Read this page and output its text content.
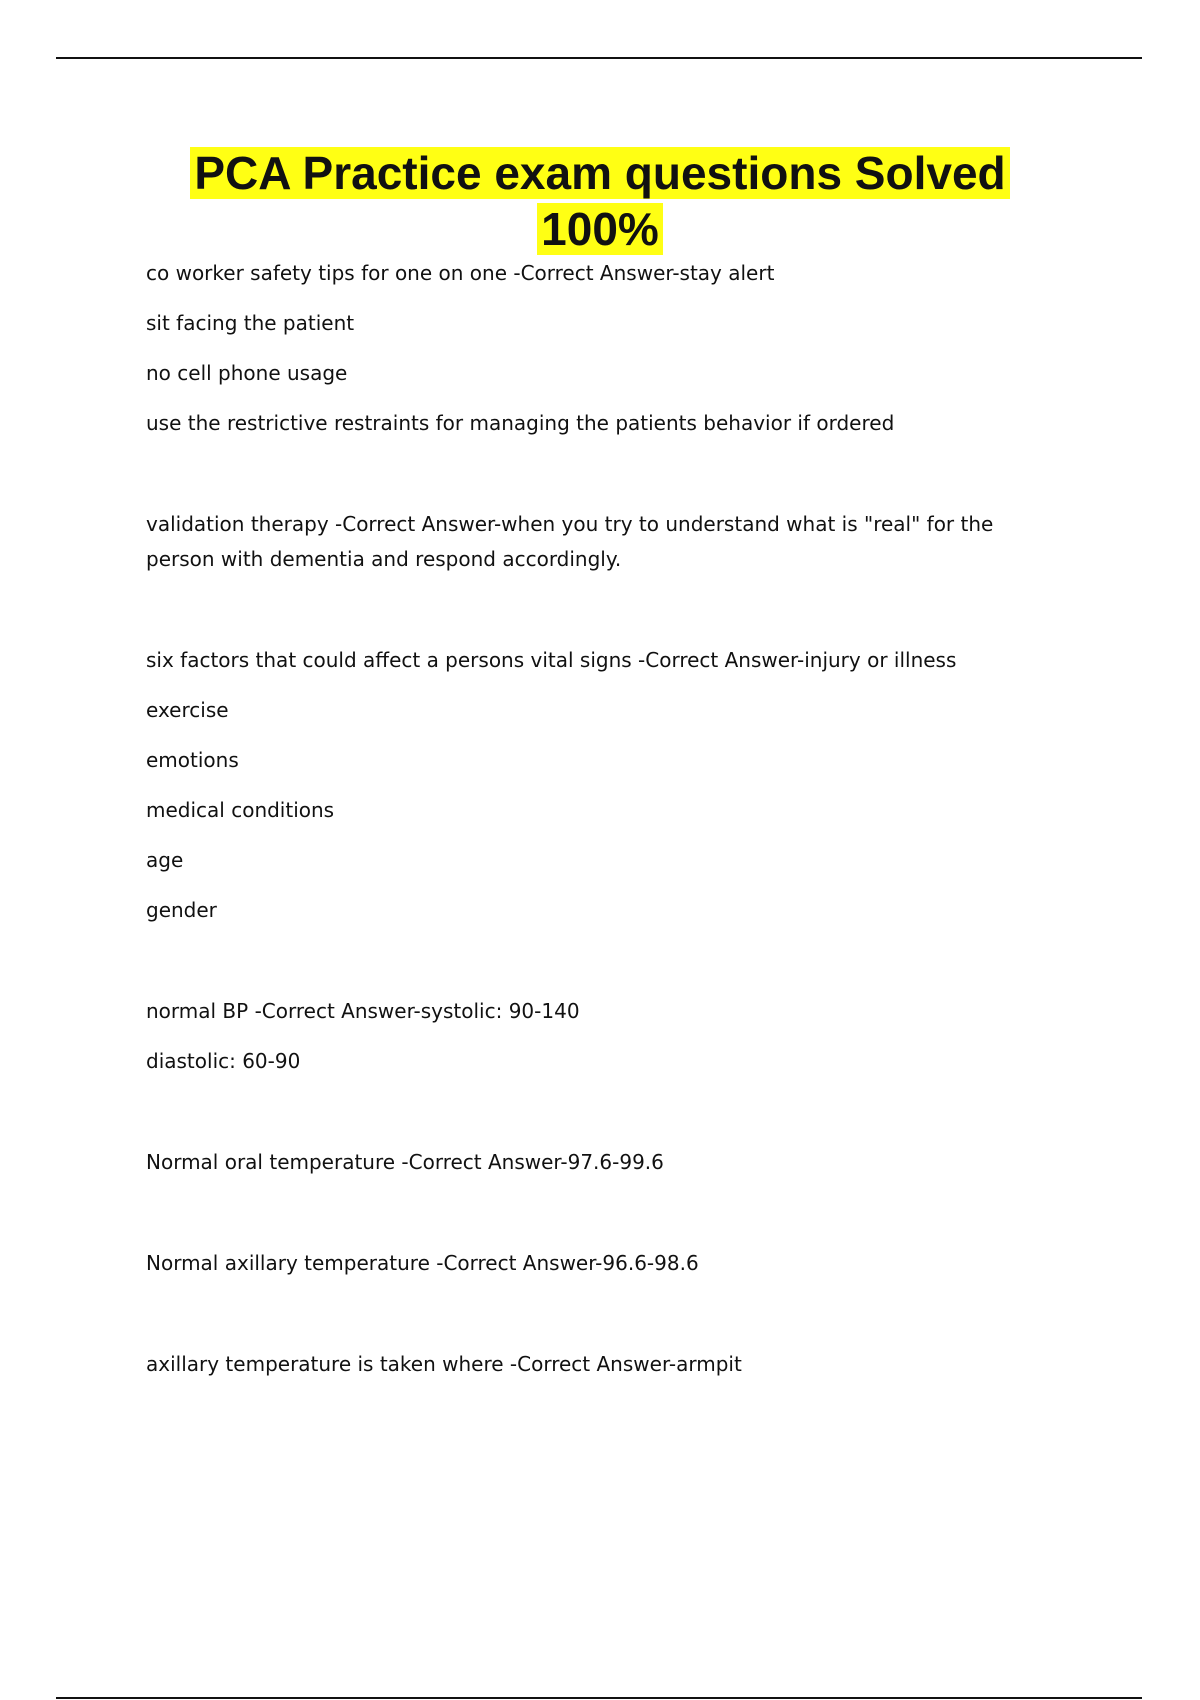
PCA Practice exam questions Solved
100%

co worker safety tips for one on one -Correct Answer-stay alert

sit facing the patient

no cell phone usage

use the restrictive restraints for managing the patients behavior if ordered

validation therapy -Correct Answer-when you try to understand what is "real" for the person with dementia and respond accordingly.

six factors that could affect a persons vital signs -Correct Answer-injury or illness

exercise

emotions

medical conditions

age

gender

normal BP -Correct Answer-systolic: 90-140

diastolic: 60-90

Normal oral temperature -Correct Answer-97.6-99.6

Normal axillary temperature -Correct Answer-96.6-98.6

axillary temperature is taken where -Correct Answer-armpit
